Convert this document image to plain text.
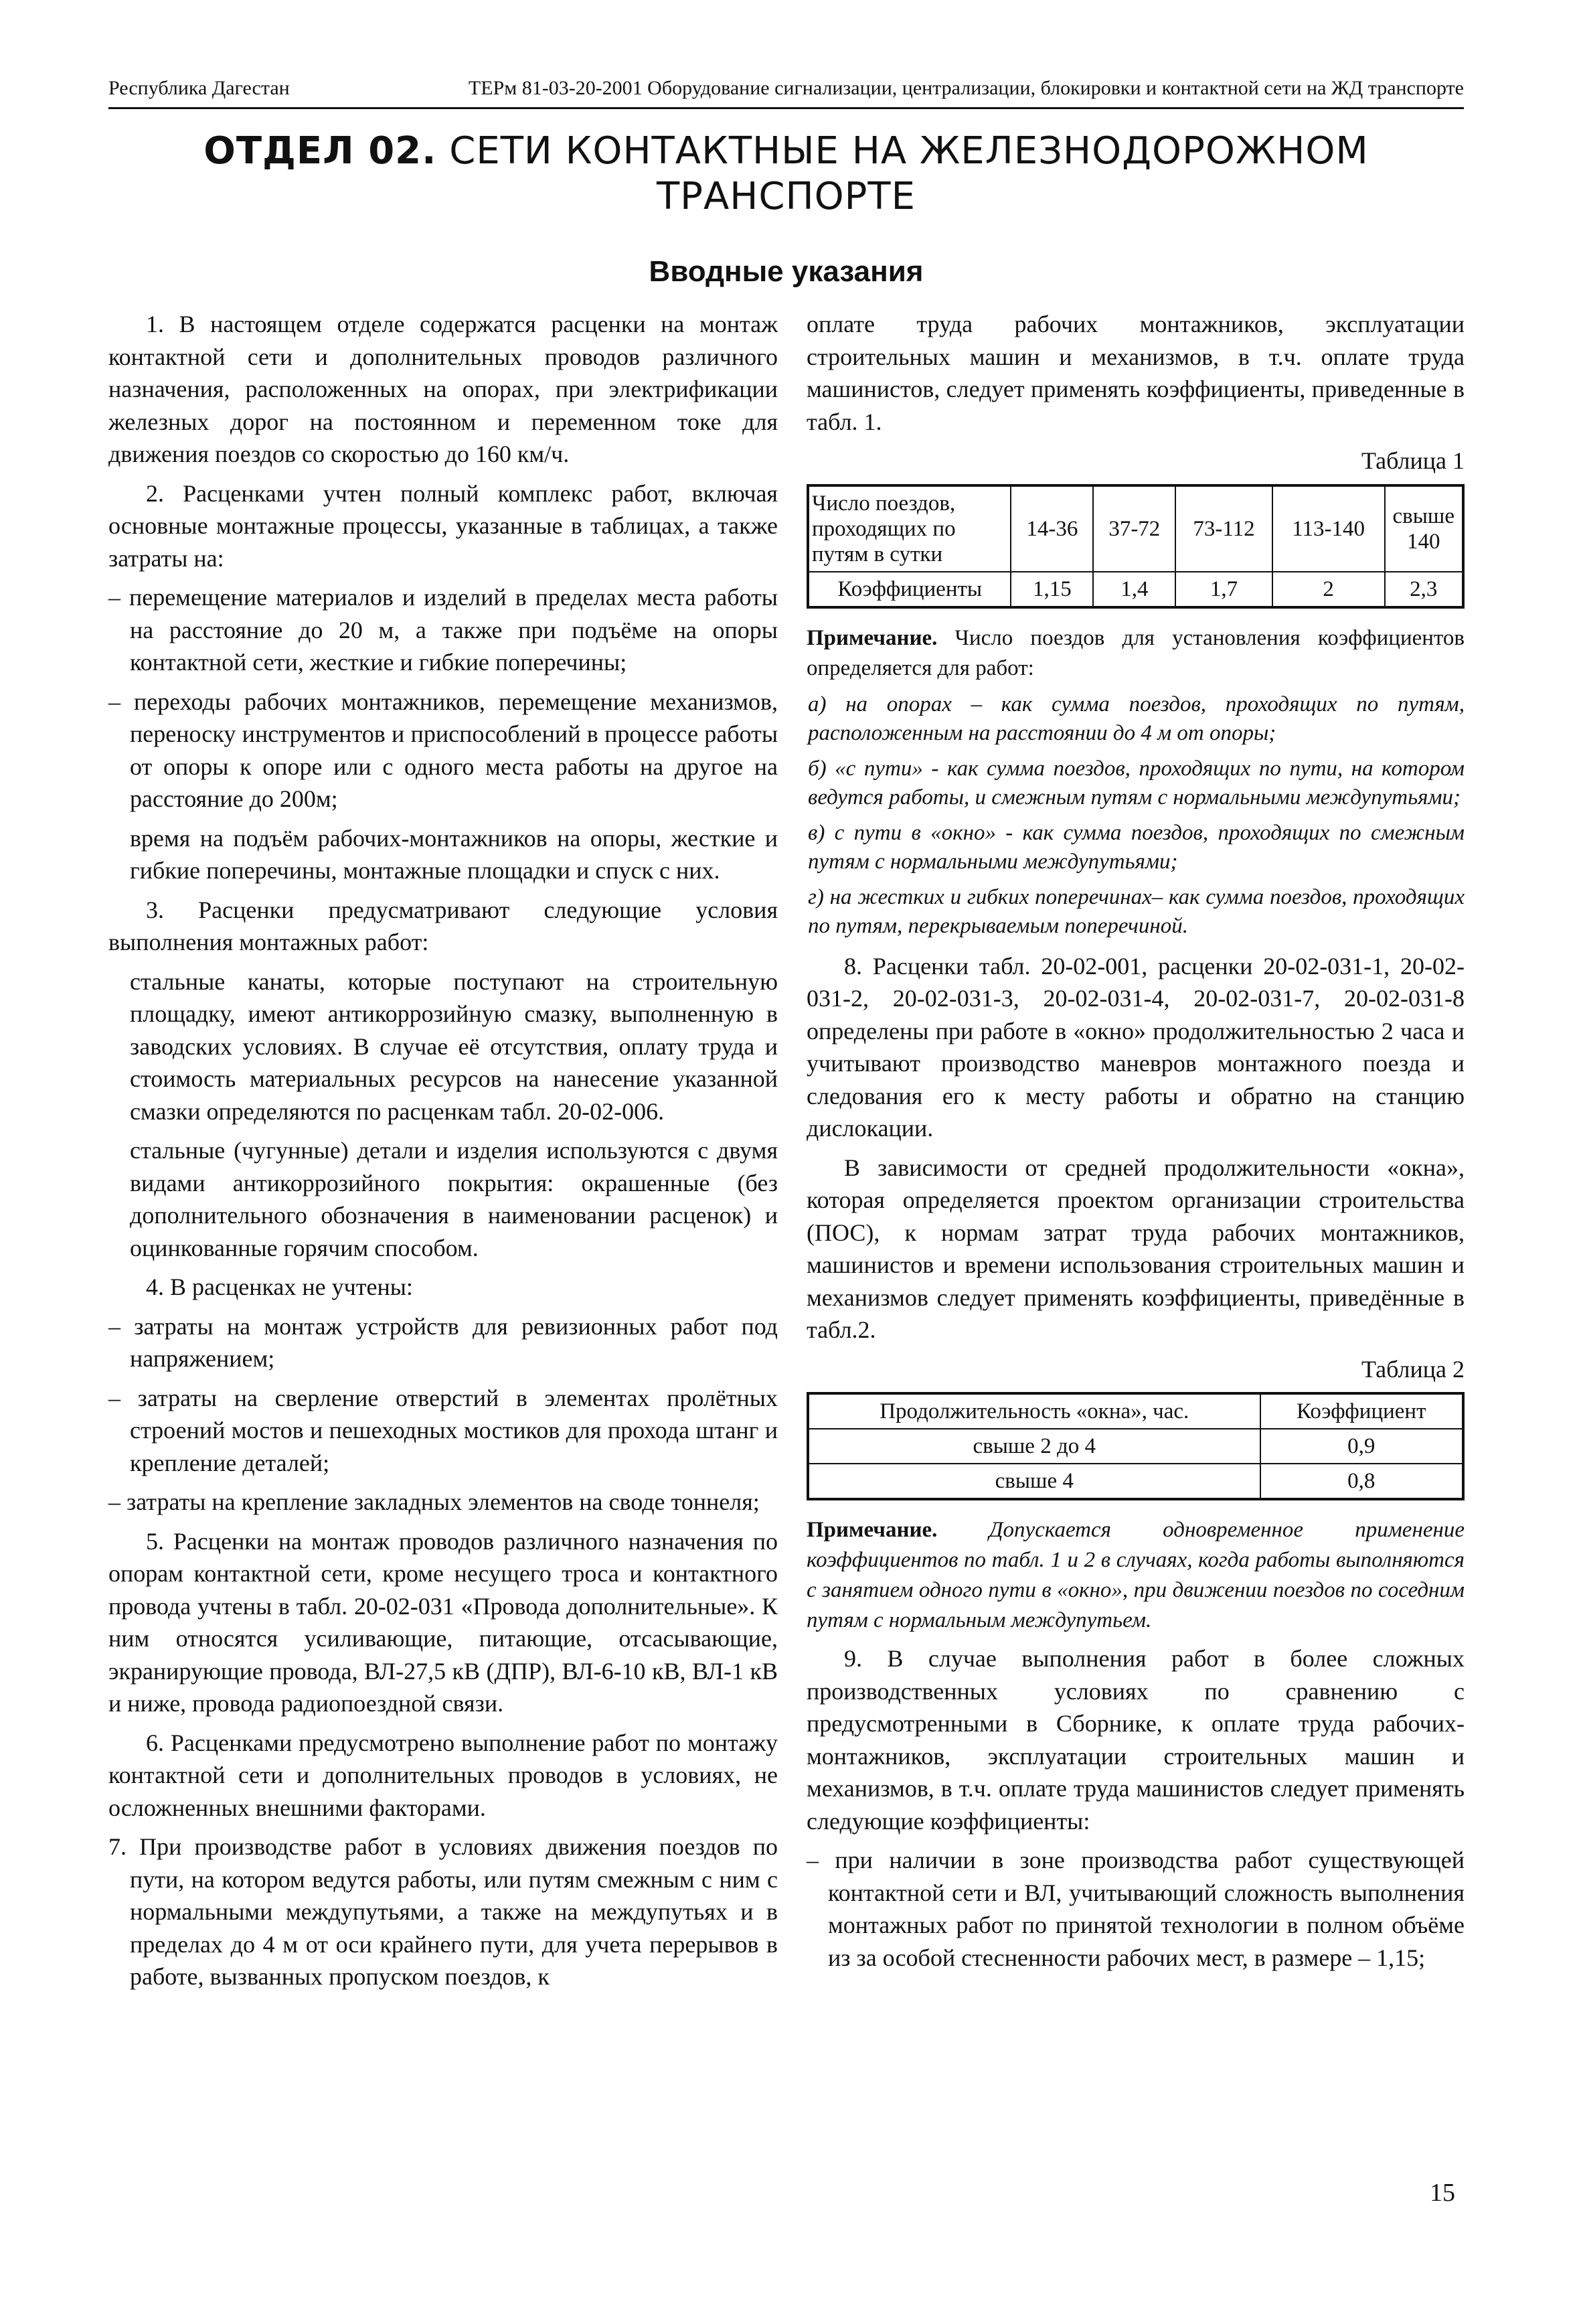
Республика Дагестан	ТЕРм 81-03-20-2001 Оборудование сигнализации, централизации, блокировки и контактной сети на ЖД транспорте
ОТДЕЛ 02. СЕТИ КОНТАКТНЫЕ НА ЖЕЛЕЗНОДОРОЖНОМ ТРАНСПОРТЕ
Вводные указания

1. В настоящем отделе содержатся расценки на монтаж контактной сети и дополнительных проводов различного назначения, расположенных на опорах, при электрификации железных дорог на постоянном и переменном токе для движения поездов со скоростью до 160 км/ч.

2. Расценками учтен полный комплекс работ, включая основные монтажные процессы, указанные в таблицах, а также затраты на:

– перемещение материалов и изделий в пределах места работы на расстояние до 20 м, а также при подъёме на опоры контактной сети, жесткие и гибкие поперечины;

– переходы рабочих монтажников, перемещение механизмов, переноску инструментов и приспособлений в процессе работы от опоры к опоре или с одного места работы на другое на расстояние до 200м;

время на подъём рабочих-монтажников на опоры, жесткие и гибкие поперечины, монтажные площадки и спуск с них.

3. Расценки предусматривают следующие условия выполнения монтажных работ:

стальные канаты, которые поступают на строительную площадку, имеют антикоррозийную смазку, выполненную в заводских условиях. В случае её отсутствия, оплату труда и стоимость материальных ресурсов на нанесение указанной смазки определяются по расценкам табл. 20-02-006.

стальные (чугунные) детали и изделия используются с двумя видами антикоррозийного покрытия: окрашенные (без дополнительного обозначения в наименовании расценок) и оцинкованные горячим способом.

4. В расценках не учтены:

– затраты на монтаж устройств для ревизионных работ под напряжением;

– затраты на сверление отверстий в элементах пролётных строений мостов и пешеходных мостиков для прохода штанг и крепление деталей;

– затраты на крепление закладных элементов на своде тоннеля;

5. Расценки на монтаж проводов различного назначения по опорам контактной сети, кроме несущего троса и контактного провода учтены в табл. 20-02-031 «Провода дополнительные». К ним относятся усиливающие, питающие, отсасывающие, экранирующие провода, ВЛ-27,5 кВ (ДПР), ВЛ-6-10 кВ, ВЛ-1 кВ и ниже, провода радиопоездной связи.

6. Расценками предусмотрено выполнение работ по монтажу контактной сети и дополнительных проводов в условиях, не осложненных внешними факторами.

7. При производстве работ в условиях движения поездов по пути, на котором ведутся работы, или путям смежным с ним с нормальными междупутьями, а также на междупутьях и в пределах до 4 м от оси крайнего пути, для учета перерывов в работе, вызванных пропуском поездов, к

оплате труда рабочих монтажников, эксплуатации строительных машин и механизмов, в т.ч. оплате труда машинистов, следует применять коэффициенты, приведенные в табл. 1.

Таблица 1

Число поездов, проходящих по путям в сутки	14-36	37-72	73-112	113-140	свыше 140
Коэффициенты	1,15	1,4	1,7	2	2,3

Примечание. Число поездов для установления коэффициентов определяется для работ:

а) на опорах – как сумма поездов, проходящих по путям, расположенным на расстоянии до 4 м от опоры;

б) «с пути» - как сумма поездов, проходящих по пути, на котором ведутся работы, и смежным путям с нормальными междупутьями;

в) с пути в «окно» - как сумма поездов, проходящих по смежным путям с нормальными междупутьями;

г) на жестких и гибких поперечинах– как сумма поездов, проходящих по путям, перекрываемым поперечиной.

8. Расценки табл. 20-02-001, расценки 20-02-031-1, 20-02-031-2, 20-02-031-3, 20-02-031-4, 20-02-031-7, 20-02-031-8 определены при работе в «окно» продолжительностью 2 часа и учитывают производство маневров монтажного поезда и следования его к месту работы и обратно на станцию дислокации.

В зависимости от средней продолжительности «окна», которая определяется проектом организации строительства (ПОС), к нормам затрат труда рабочих монтажников, машинистов и времени использования строительных машин и механизмов следует применять коэффициенты, приведённые в табл.2.

Таблица 2

Продолжительность «окна», час.	Коэффициент
свыше 2 до 4	0,9
свыше 4	0,8

Примечание. Допускается одновременное применение коэффициентов по табл. 1 и 2 в случаях, когда работы выполняются с занятием одного пути в «окно», при движении поездов по соседним путям с нормальным междупутьем.

9. В случае выполнения работ в более сложных производственных условиях по сравнению с предусмотренными в Сборнике, к оплате труда рабочих-монтажников, эксплуатации строительных машин и механизмов, в т.ч. оплате труда машинистов следует применять следующие коэффициенты:

– при наличии в зоне производства работ существующей контактной сети и ВЛ, учитывающий сложность выполнения монтажных работ по принятой технологии в полном объёме из за особой стесненности рабочих мест, в размере – 1,15;

15
